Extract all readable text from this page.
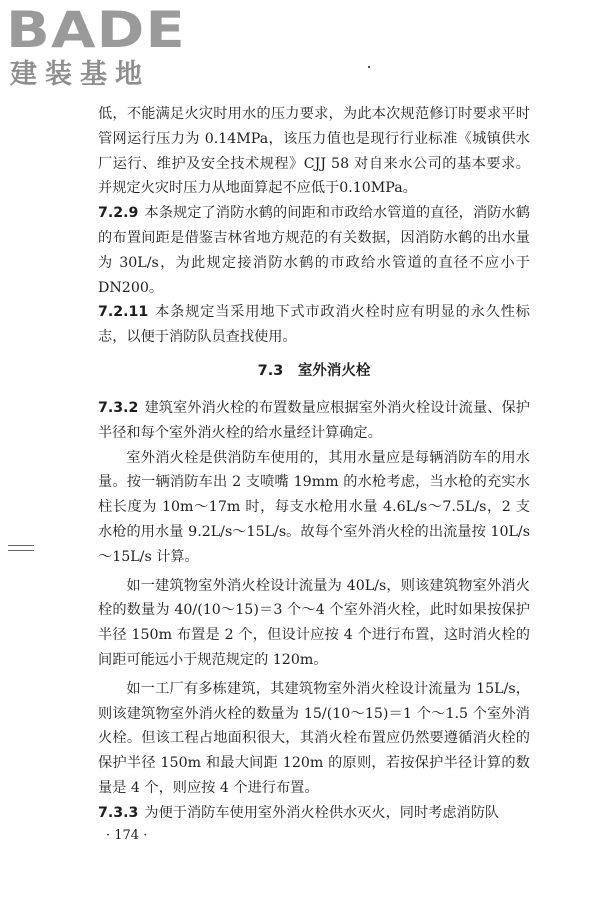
BADE
建装基地

低，不能满足火灾时用水的压力要求，为此本次规范修订时要求平时管网运行压力为 0.14MPa，该压力值也是现行行业标准《城镇供水厂运行、维护及安全技术规程》CJJ 58 对自来水公司的基本要求。并规定火灾时压力从地面算起不应低于0.10MPa。

7.2.9 本条规定了消防水鹤的间距和市政给水管道的直径，消防水鹤的布置间距是借鉴吉林省地方规范的有关数据，因消防水鹤的出水量为 30L/s，为此规定接消防水鹤的市政给水管道的直径不应小于 DN200。

7.2.11 本条规定当采用地下式市政消火栓时应有明显的永久性标志，以便于消防队员查找使用。

7.3　室外消火栓

7.3.2 建筑室外消火栓的布置数量应根据室外消火栓设计流量、保护半径和每个室外消火栓的给水量经计算确定。

室外消火栓是供消防车使用的，其用水量应是每辆消防车的用水量。按一辆消防车出 2 支喷嘴 19mm 的水枪考虑，当水枪的充实水柱长度为 10m～17m 时，每支水枪用水量 4.6L/s～7.5L/s，2 支水枪的用水量 9.2L/s～15L/s。故每个室外消火栓的出流量按 10L/s～15L/s 计算。

如一建筑物室外消火栓设计流量为 40L/s，则该建筑物室外消火栓的数量为 40/(10～15)＝3 个～4 个室外消火栓，此时如果按保护半径 150m 布置是 2 个，但设计应按 4 个进行布置，这时消火栓的间距可能远小于规范规定的 120m。

如一工厂有多栋建筑，其建筑物室外消火栓设计流量为 15L/s，则该建筑物室外消火栓的数量为 15/(10～15)＝1 个～1.5 个室外消火栓。但该工程占地面积很大，其消火栓布置应仍然要遵循消火栓的保护半径 150m 和最大间距 120m 的原则，若按保护半径计算的数量是 4 个，则应按 4 个进行布置。

7.3.3 为便于消防车使用室外消火栓供水灭火，同时考虑消防队

· 174 ·
